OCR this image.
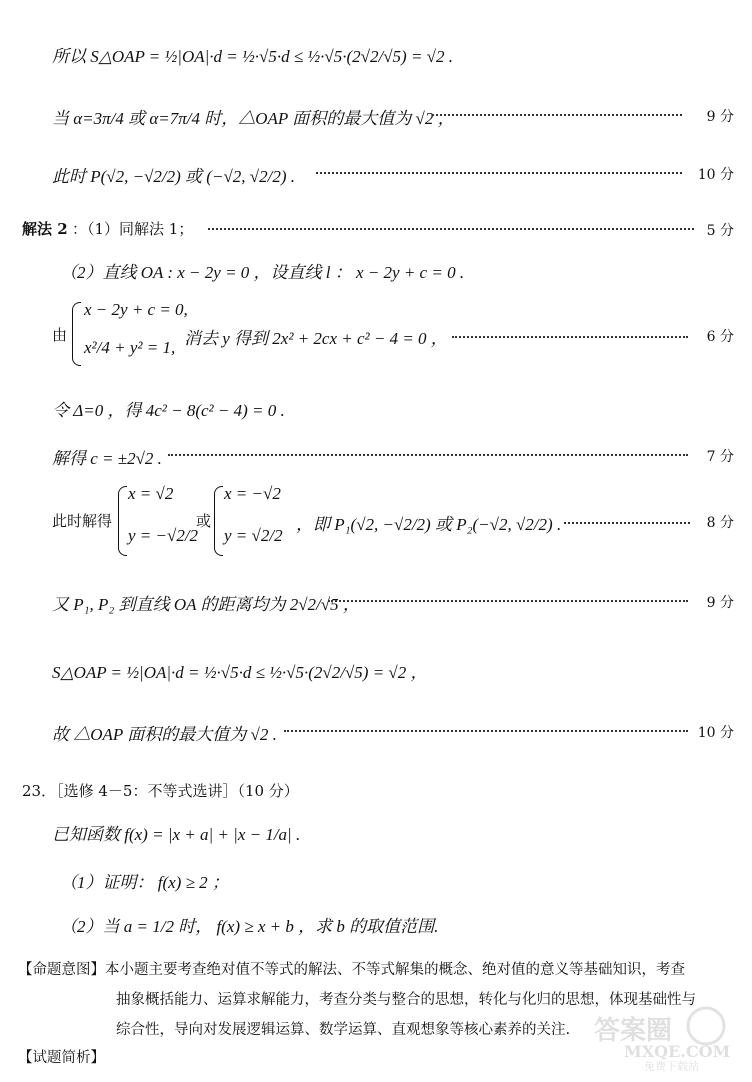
所以 S△OAP = ½|OA|·d = ½·√5·d ≤ ½·√5·(2√2/√5) = √2 .
当 α=3π/4 或 α=7π/4 时，△OAP 面积的最大值为 √2 ，	9 分
此时 P(√2, −√2/2) 或 (−√2, √2/2) .	10 分
解法 2 ：（1）同解法 1；	5 分
（2）直线 OA : x − 2y = 0 ，设直线 l ： x − 2y + c = 0 .
由
x − 2y + c = 0,
x²/4 + y² = 1, 消去 y 得到 2x² + 2cx + c² − 4 = 0 ，	6 分
令 Δ=0 ，得 4c² − 8(c² − 4) = 0 .
解得 c = ±2√2 .	7 分
此时解得
x = √2
y = −√2/2
或
x = −√2
y = √2/2
，即 P₁(√2, −√2/2) 或 P₂(−√2, √2/2) .	8 分
又 P₁, P₂ 到直线 OA 的距离均为 2√2/√5 ，	9 分
S△OAP = ½|OA|·d = ½·√5·d ≤ ½·√5·(2√2/√5) = √2 ，
故 △OAP 面积的最大值为 √2 .	10 分
23．［选修 4－5：不等式选讲］（10 分）
已知函数 f(x) = |x + a| + |x − 1/a| .
（1）证明： f(x) ≥ 2 ；
（2）当 a = 1/2 时， f(x) ≥ x + b ，求 b 的取值范围.
【命题意图】本小题主要考查绝对值不等式的解法、不等式解集的概念、绝对值的意义等基础知识，考查
抽象概括能力、运算求解能力，考查分类与整合的思想，转化与化归的思想，体现基础性与
综合性，导向对发展逻辑运算、数学运算、直观想象等核心素养的关注.
【试题简析】
答案圈
MXQE.COM
免费下载站
